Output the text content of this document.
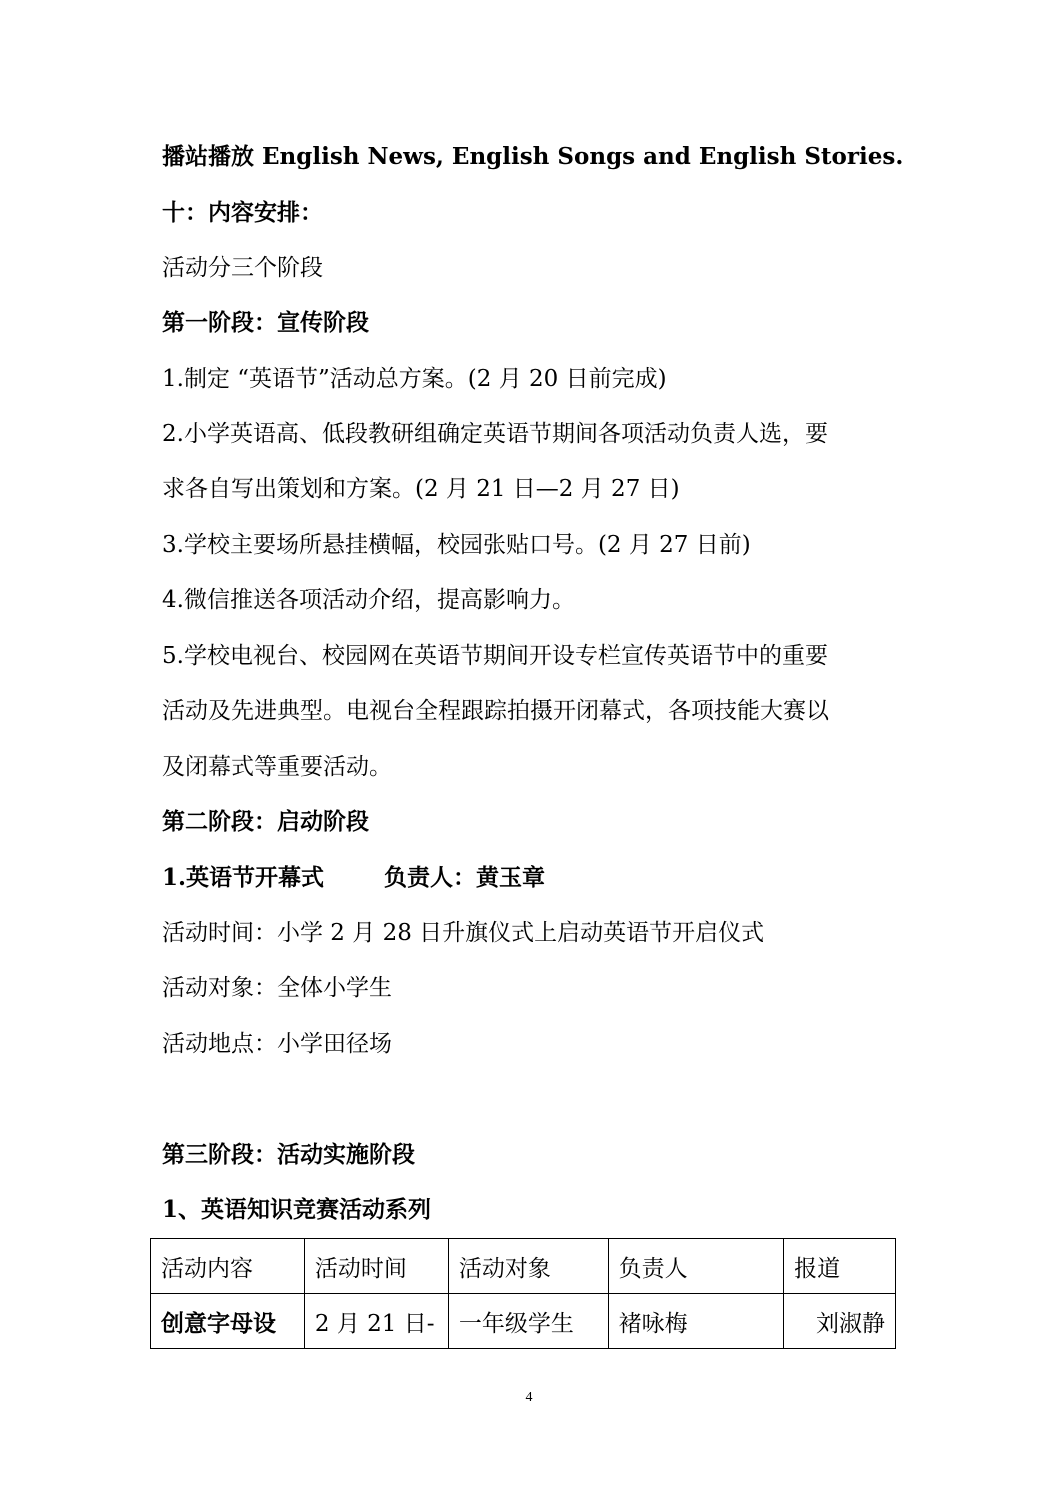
播站播放 English News, English Songs and English Stories.
十：内容安排：
活动分三个阶段
第一阶段：宣传阶段
1.制定 “英语节”活动总方案。(2 月 20 日前完成)
2.小学英语高、低段教研组确定英语节期间各项活动负责人选，要
求各自写出策划和方案。(2 月 21 日—2 月 27 日)
3.学校主要场所悬挂横幅，校园张贴口号。(2 月 27 日前)
4.微信推送各项活动介绍，提高影响力。
5.学校电视台、校园网在英语节期间开设专栏宣传英语节中的重要
活动及先进典型。电视台全程跟踪拍摄开闭幕式，各项技能大赛以
及闭幕式等重要活动。
第二阶段：启动阶段
1.英语节开幕式	负责人：黄玉章
活动时间：小学 2 月 28 日升旗仪式上启动英语节开启仪式
活动对象：全体小学生
活动地点：小学田径场
第三阶段：活动实施阶段
1、英语知识竞赛活动系列
活动内容	活动时间	活动对象	负责人	报道
创意字母设	2 月 21 日-	一年级学生	褚咏梅	刘淑静
4
